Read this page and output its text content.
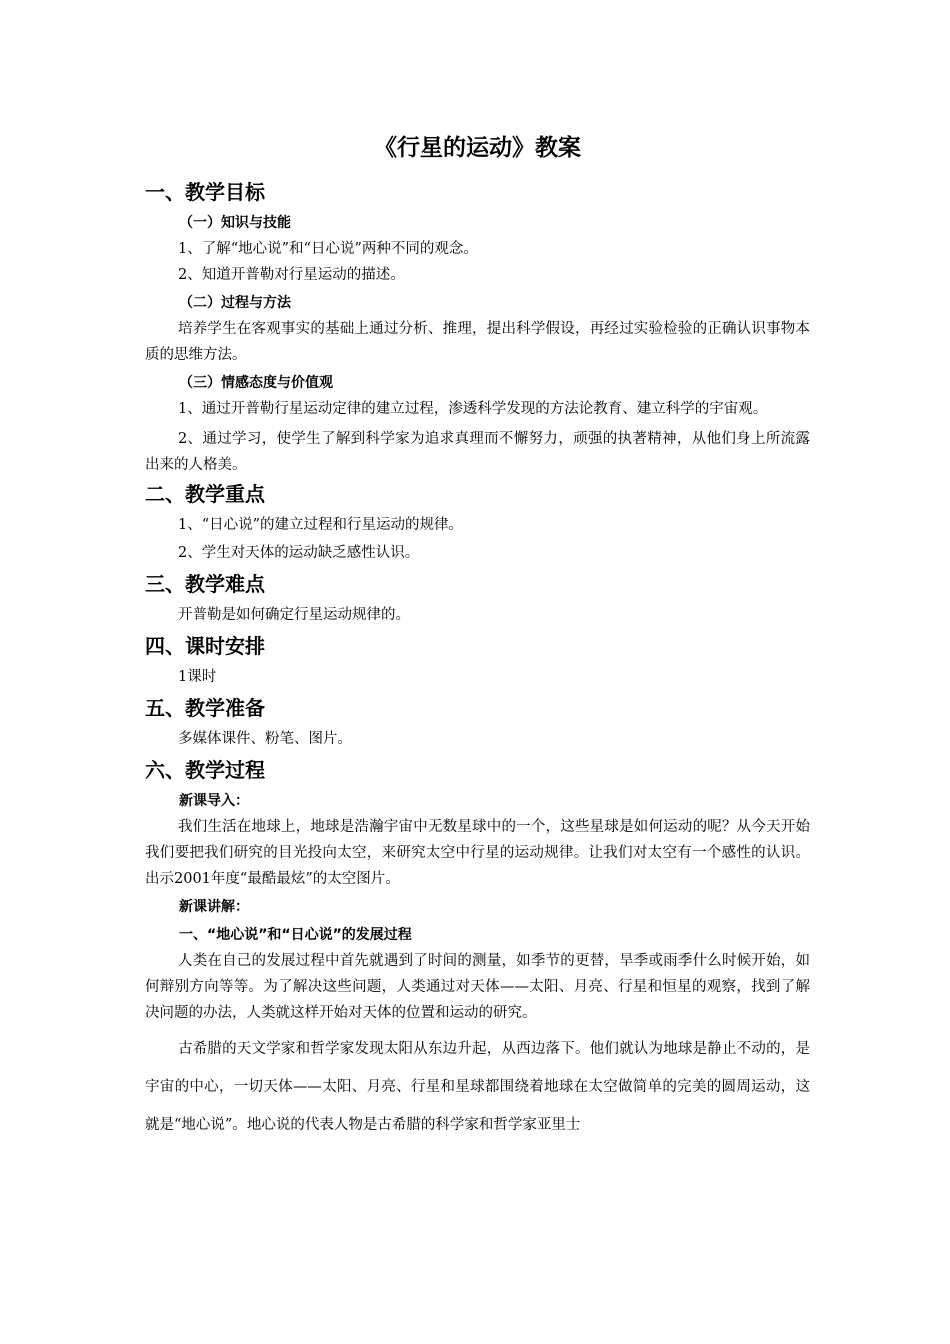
《行星的运动》教案
一、教学目标
（一）知识与技能

1、了解“地心说”和“日心说”两种不同的观念。

2、知道开普勒对行星运动的描述。

（二）过程与方法

培养学生在客观事实的基础上通过分析、推理，提出科学假设，再经过实验检验的正确认识事物本质的思维方法。

（三）情感态度与价值观

1、通过开普勒行星运动定律的建立过程，渗透科学发现的方法论教育、建立科学的宇宙观。

2、通过学习，使学生了解到科学家为追求真理而不懈努力，顽强的执著精神，从他们身上所流露出来的人格美。

二、教学重点

1、“日心说”的建立过程和行星运动的规律。

2、学生对天体的运动缺乏感性认识。

三、教学难点

开普勒是如何确定行星运动规律的。

四、课时安排

1课时

五、教学准备

多媒体课件、粉笔、图片。

六、教学过程
新课导入：

我们生活在地球上，地球是浩瀚宇宙中无数星球中的一个，这些星球是如何运动的呢？从今天开始我们要把我们研究的目光投向太空，来研究太空中行星的运动规律。让我们对太空有一个感性的认识。出示2001年度“最酷最炫”的太空图片。

新课讲解：
一、“地心说”和“日心说”的发展过程

人类在自己的发展过程中首先就遇到了时间的测量，如季节的更替，旱季或雨季什么时候开始，如何辩别方向等等。为了解决这些问题，人类通过对天体——太阳、月亮、行星和恒星的观察，找到了解决问题的办法，人类就这样开始对天体的位置和运动的研究。

古希腊的天文学家和哲学家发现太阳从东边升起，从西边落下。他们就认为地球是静止不动的，是宇宙的中心，一切天体——太阳、月亮、行星和星球都围绕着地球在太空做简单的完美的圆周运动，这就是“地心说”。地心说的代表人物是古希腊的科学家和哲学家亚里士
